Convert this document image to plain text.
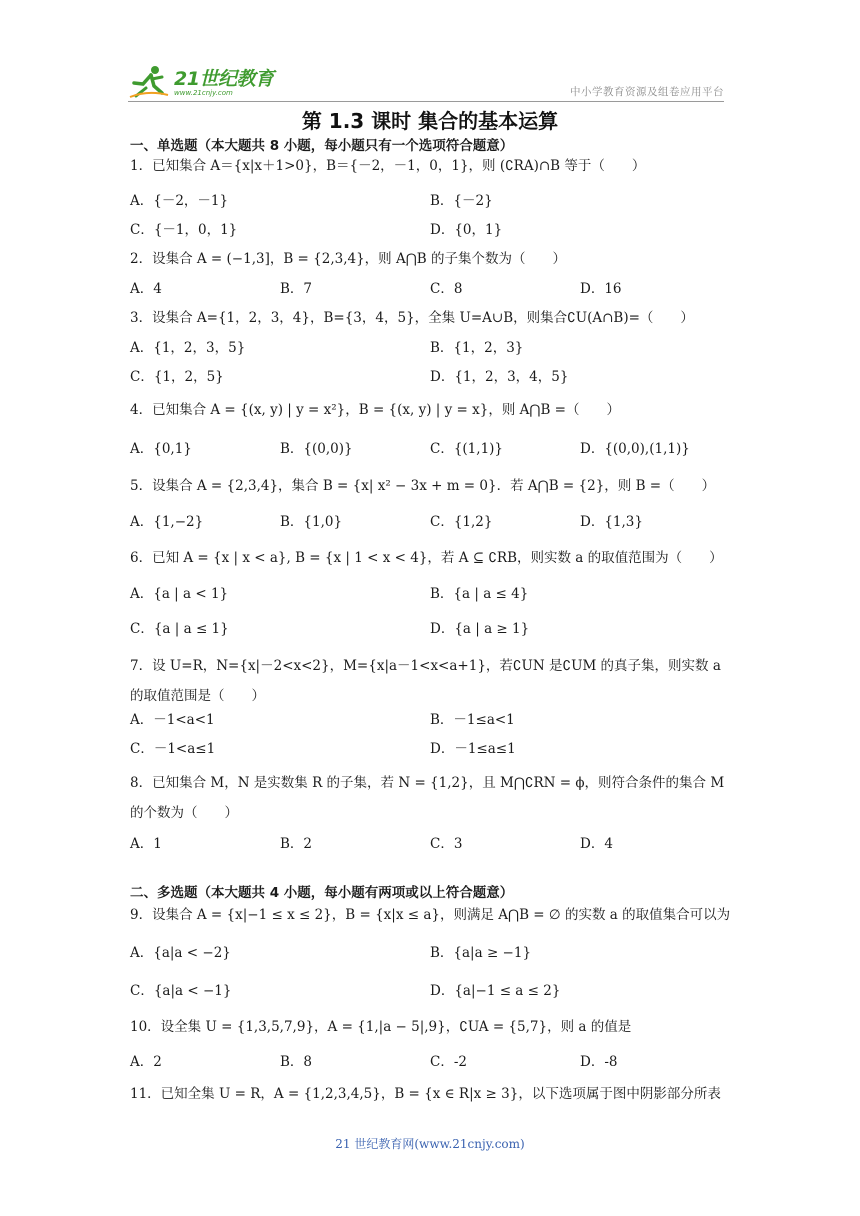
21世纪教育
www.21cnjy.com	中小学教育资源及组卷应用平台
第 1.3 课时 集合的基本运算
一、单选题（本大题共 8 小题，每小题只有一个选项符合题意）
1．已知集合 A＝{x|x＋1>0}，B＝{－2，－1，0，1}，则 (∁RA)∩B 等于（　　）
A．{－2，－1}	B．{－2}
C．{－1，0，1}	D．{0，1}
2．设集合 A = (−1,3]，B = {2,3,4}，则 A⋂B 的子集个数为（　　）
A．4	B．7	C．8	D．16
3．设集合 A={1，2，3，4}，B={3，4，5}，全集 U=A∪B，则集合∁U(A∩B)=（　　）
A．{1，2，3，5}	B．{1，2，3}
C．{1，2，5}	D．{1，2，3，4，5}
4．已知集合 A = {(x, y) | y = x²}，B = {(x, y) | y = x}，则 A⋂B =（　　）
A．{0,1}	B．{(0,0)}	C．{(1,1)}	D．{(0,0),(1,1)}
5．设集合 A = {2,3,4}，集合 B = {x| x² − 3x + m = 0}．若 A⋂B = {2}，则 B =（　　）
A．{1,−2}	B．{1,0}	C．{1,2}	D．{1,3}
6．已知 A = {x | x < a}, B = {x | 1 < x < 4}，若 A ⊆ ∁RB，则实数 a 的取值范围为（　　）
A．{a | a < 1}	B．{a | a ≤ 4}
C．{a | a ≤ 1}	D．{a | a ≥ 1}
7．设 U=R，N={x|－2<x<2}，M={x|a－1<x<a+1}，若∁UN 是∁UM 的真子集，则实数 a 的取值范围是（　　）
A．－1<a<1	B．－1≤a<1
C．－1<a≤1	D．－1≤a≤1
8．已知集合 M，N 是实数集 R 的子集，若 N = {1,2}，且 M⋂∁RN = ϕ，则符合条件的集合 M 的个数为（　　）
A．1	B．2	C．3	D．4
二、多选题（本大题共 4 小题，每小题有两项或以上符合题意）
9．设集合 A = {x|−1 ≤ x ≤ 2}，B = {x|x ≤ a}，则满足 A⋂B = ∅ 的实数 a 的取值集合可以为
A．{a|a < −2}	B．{a|a ≥ −1}
C．{a|a < −1}	D．{a|−1 ≤ a ≤ 2}
10．设全集 U = {1,3,5,7,9}，A = {1,|a − 5|,9}，∁UA = {5,7}，则 a 的值是
A．2	B．8	C．-2	D．-8
11．已知全集 U = R，A = {1,2,3,4,5}，B = {x ∈ R|x ≥ 3}，以下选项属于图中阴影部分所表
21 世纪教育网(www.21cnjy.com)
